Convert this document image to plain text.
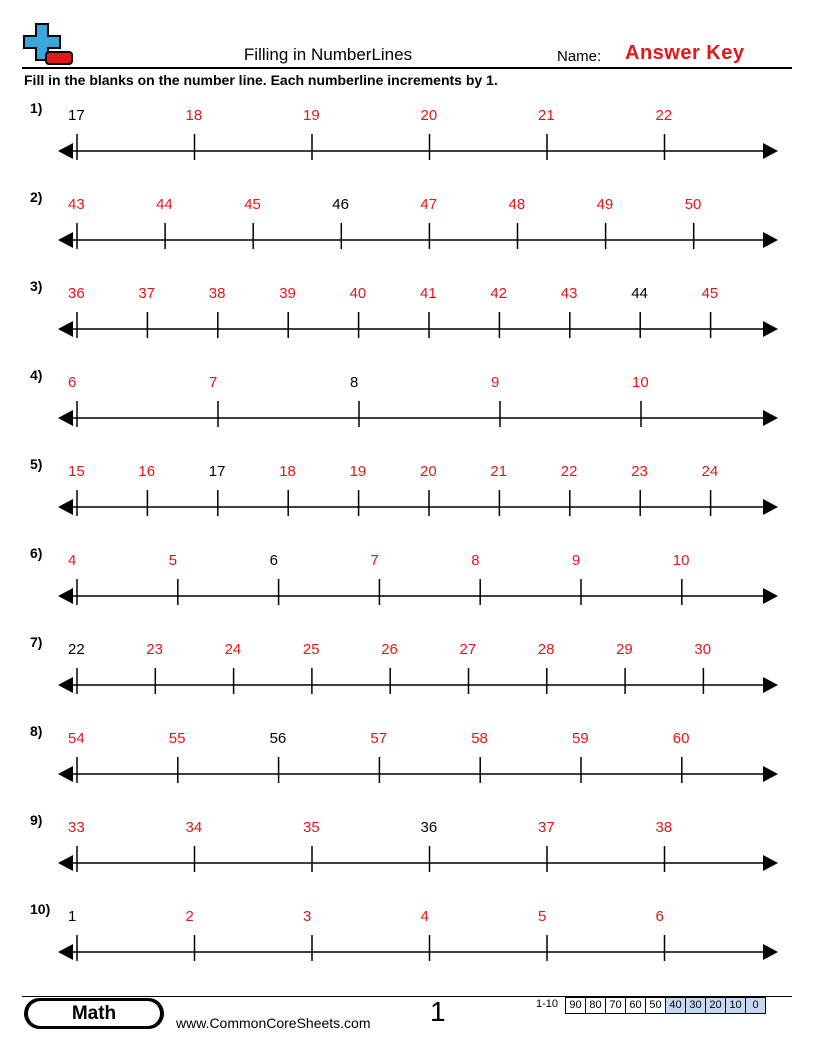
Filling in NumberLines	Name: Answer Key
Fill in the blanks on the number line. Each numberline increments by 1.
1) 17	18	19	20	21	22
2) 43	44	45	46	47	48	49	50
3) 36	37	38	39	40	41	42	43	44	45
4) 6	7	8	9	10
5) 15	16	17	18	19	20	21	22	23	24
6) 4	5	6	7	8	9	10
7) 22	23	24	25	26	27	28	29	30
8) 54	55	56	57	58	59	60
9) 33	34	35	36	37	38
10) 1	2	3	4	5	6
Math	www.CommonCoreSheets.com 1	1-10	90 80 70 60 50 40 30 20 10 0
